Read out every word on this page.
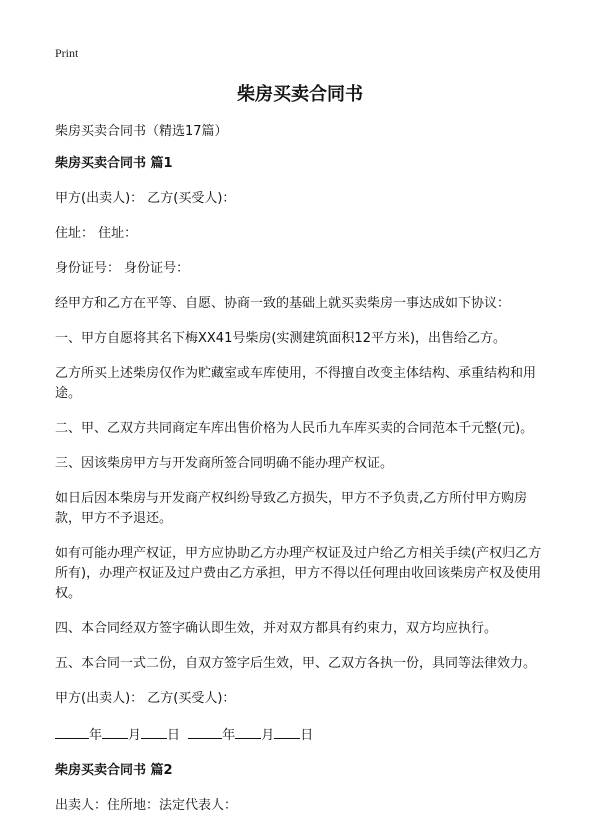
Print
柴房买卖合同书
柴房买卖合同书（精选17篇）
柴房买卖合同书 篇1
甲方(出卖人)： 乙方(买受人)：
住址： 住址：
身份证号： 身份证号：
经甲方和乙方在平等、自愿、协商一致的基础上就买卖柴房一事达成如下协议：
一、甲方自愿将其名下梅XX41号柴房(实测建筑面积12平方米)，出售给乙方。
乙方所买上述柴房仅作为贮藏室或车库使用，不得擅自改变主体结构、承重结构和用途。
二、甲、乙双方共同商定车库出售价格为人民币九车库买卖的合同范本千元整(元)。
三、因该柴房甲方与开发商所签合同明确不能办理产权证。
如日后因本柴房与开发商产权纠纷导致乙方损失，甲方不予负责,乙方所付甲方购房款，甲方不予退还。
如有可能办理产权证，甲方应协助乙方办理产权证及过户给乙方相关手续(产权归乙方所有)，办理产权证及过户费由乙方承担，甲方不得以任何理由收回该柴房产权及使用权。
四、本合同经双方签字确认即生效，并对双方都具有约束力，双方均应执行。
五、本合同一式二份，自双方签字后生效，甲、乙双方各执一份，具同等法律效力。
甲方(出卖人)： 乙方(买受人)：
年 月 日	年 月 日
柴房买卖合同书 篇2
出卖人：住所地：法定代表人：
